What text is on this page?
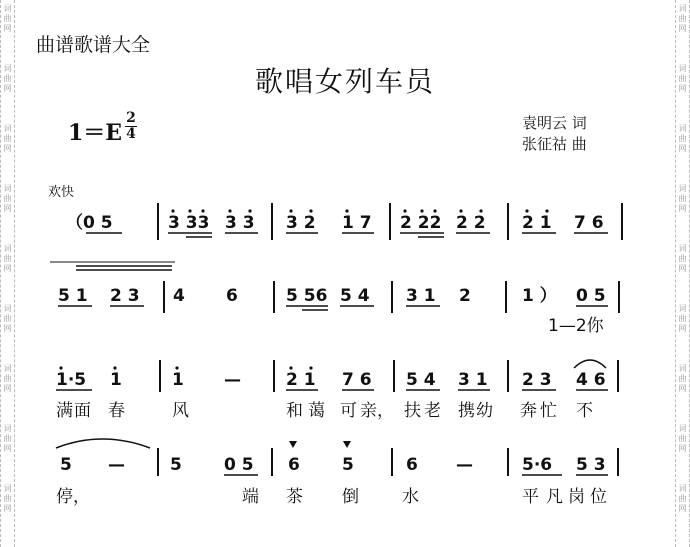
词
曲
网
词
曲
网
词
曲
网
词
曲
网
词
曲
网
词
曲
网
词
曲
网
词
曲
网
词
曲
网
词
曲
网
词
曲
网
词
曲
网
词
曲
网
词
曲
网
词
曲
网
词
曲
网
词
曲
网
词
曲
网
曲谱歌谱大全
歌唱女列车员
1＝E
2
4
袁明云 词
张征祜 曲
欢快
（0 5	3 33 3 3 3 2 1 7 2 22 2 2 2 1 7 6
5 1 2 3 4 6	5 56 5 4 3 1 2	1 ） 0 5
1—2你
1·5 1	1 —	2 1 7 6 5 4 3 1 2 3 4 6
满 面 春	风	和 蔼 可 亲， 扶 老 携 幼 奔 忙 不
5 —	5 0 5 6 5	6 —	5·6 5 3
停，	端 茶 倒	水	平 凡 岗 位
